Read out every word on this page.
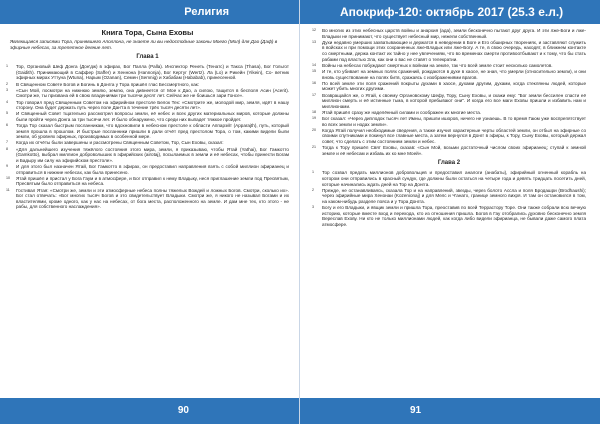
Религия
Книга Тора, Сына Еховы
Являющаяся записями Тора, принявшего Аполлона, не знаете ли вы недостойные законы Моего (Мол) для Дао (Даф) в эфирные небесах, за трепетное деяние лет.
Глава 1
1	Тор, Органовый Шеф Донга (Дон'дж) в эфирах, Бог Палла (Palla). Инспектор Ренеть (Тенатс) и Такса (Thasa), Бог Гольгот (Gaidith). Принимающий в Саффер (Saffer) и Хеннона (Hannonja), Бог Кертуг (Wertz). Ла (Lo) и Рикейн (Yikein), Со- ветник эфирных мирах Уттуна (Wtuna), Нарым (Ozanan), Семен (Semnig) и Хабабам (Hababab), принесенной.
2	В Священном Совете Богов и Богинь в Донгга у Тора пришёл глас Бессмертного, как:
3	«Сын Мой, посмотри на нижнюю землю, землю, она дивнеется от Мое к Дао, а силою, тащится в бесполя Асин (Acerit). Смотри же, ты призвана ей в свою владениями три тысячи десят лет. Сейчас же не боишься зари Гонсе».
4	Тор говорил пред Священным Советом на эфирийном престоле Белок Тех: «Смотрите же, молодой мир, земля, идёт в нашу сторону. Она будет держать путь через поле Дан'та в течение трёх тысяч десяти лет».
5	И Священный Совет тщательно рассмотрел вопросы земли, её небес и всех других материальных миров, которые должны были пройти через Донга за три тысячи лет. И было обнаружено, что среди них выпадет тяжкое пройдет.
6	Тогда Тор сказал быстрым посланникам, что вдохновили в небесном престоле к области Аппарэйт (Apparajth), путь, который земля прошла в прошлом. И быстрые посланники пришли в дали отчёт пред престолом Тора, о том, какими видели были земли, об уровнях эфирных, производимых в особенной мере.
7	Когда их отчёты были завершены и рассмотрены Священным Советом, Тор, Сын Еховы, сказал:
8	«Для дальнейшего изучения тяжёлого состояния этого мира, земли, я приказываю, чтобы Ятай (Yathai), Бог Гамкотто (Gamkotto), выбрал миллион доброволыших в эфирийских (airotaj), посылаемых в земли и её небесах, чтобы принести Богам и Бадыру им силу на эфирийском престоле».
9	И для этого был назначен Ятай, Бог Гамкотто в эфирах, он предоставил направления взять с собой миллион эфирианец и отправиться в нижние небесах, как была принесено.
10	Ятай пришёл и пристал у Бога Гаум и в атмосфере, и Бог отправил к нему Владыку, неся приглашение земли под Пресвятым, Пресвятым было отправиться на небеса.
11	Гостивал Ятая: «Смотри же, земли и эти атмосферные небеса полны тяжелых Вождей и ложных Богов. Смотри, сколько их». Бог стал отвечать: «Бог многих тысяч Богов и это свидетельствует Владыки. Смотри же, я никого не называл Богами и их властителями, кроме одного, как у нас на небесах, от бога места, расположенного на земле. И дам мне тех, кто этого - не рабы, для собственного наслаждения».
90
Апокриф-120: октябрь 2017 (25.3 е.л.)
12	Во многих из этих небесных царств войны и анархия (ада), земли бесконечно пытают друг друга. И эти лже-Боги и лже-Владыки не принимают, что существует небесный мир, нежели собственный.
13	Духи недавно умерших захватывающие и держатся в неведении в Боге и Его обширных творениях, и заставляют служить в войсках и при помощи этих сохраненных лже-Владык или лже-Богу. А те, в свою очередь, находят, в ближнем контакте со смертными, держа контакт их тайно у нее увлечениям, что во временах смерти противоотбывают и к тому, что бы стать рабами под властью Зла, как они о вас не ставят о телекратии.
14	Войны на небесах побуждают смертных к войнам на земле, так что всей земле стоит несколько самолетов.
15	И те, кто убивает на земных полях сражений, рождаются в духе в хаосе, не зная, что умерли (относительно земли), и они вновь существование на полях битв, сражаясь с изображениями врагов.
16	По всей земле эти поля сражений покрыты духами в хаосе, духами другим, духами, когда стеклянны людей, которые может убить многих другими.
17	Возвращайся же, о Ятай, к своему Органовскому Шефу, Тору, Сыну Еховы, и скажи ему: "Бог земли бессилен спасти её миллион смерть и её истинные тьма, в которой пребывают они". И когда его все маги Еховы пришли и избавить нам и миллионами.
18	Ятай пришёл сразу же наделённый силами и соображен их многие места.
19	Бог сказал: «Через диплодок тысяч лет Имны, пришли ишоров, ничего не узнаешь. В то время Гаюм уже воспрепятствует во всех земли и нодах земли».
20	Когда Ятай получил необходимые сведения, а также изучил характерные черты областей земли, он отбыл на эфирные со своими спутниками и покинул все главные места, а затем вернулся в Донгг в эфиры, к Тору, Сыну Еховы, который держал совет, что сделать с этим состоянием земли и небес.
21	Тогда к Тору пришёл Свят Еховы, сказав: «Сын Мой, возьми достаточный числом своих эфирианец; ступай к земной земле и её небесам и избавь их ко мне Моей».
Глава 2
1	Тор созвал предать миллионов добровольцев и предоставил аналоги (анабаты), эфирийный огненный корабль на котором они отправились в красный сундук, где должны были остаться на четыре года и девять тридцать посетить дней, которые начинались ждать дней на Тор на Донгга.
2	Прежде, не останавливаясь, сказала Тор и на направлений, звезды, через болото Ассла и поля Бродашри (Brodhaushi); через эфирийные мира Хенонаи (Kozenionaj) и для Мелс и Ч'анатх, границе земного вихря. И там он остановился в том, на каком-нибудь разделе пояса и у Тора Донгга.
3	Богу и его Владыки, и явщик земли и пришла Тора, преоставив по всей Террастору Торе. Они также собрали всю вечную историю, которые вместе вход и перехода, кто из отношения пришла. Богов в Гау отобрались духовно бесконечно земля Вереслав Ехову. Ни кто не только миллионами людей, как когда либо видели эфирианца, не бывали даже самого плата атмосфере.
91
